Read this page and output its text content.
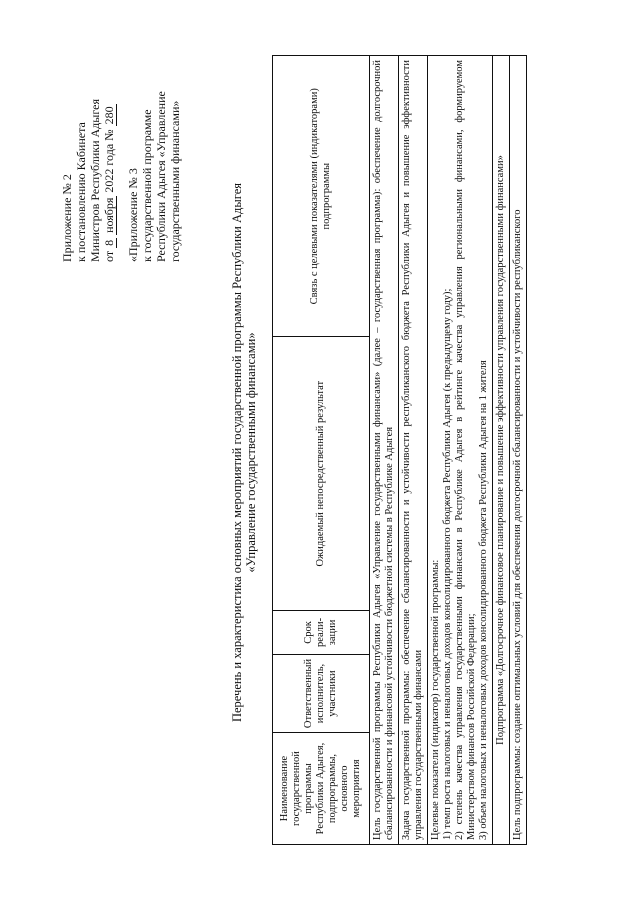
Приложение № 2 к постановлению Кабинета Министров Республики Адыгея от 8 ноября 2022 года № 280
«Приложение № 3 к государственной программе Республики Адыгея «Управление государственными финансами»
Перечень и характеристика основных мероприятий государственной программы Республики Адыгея «Управление государственными финансами»
Наименование государственной программы Республики Адыгея, подпрограммы, основного мероприятия	Ответственный исполнитель, участники	Срок реали-зации	Ожидаемый непосредственный результат	Связь с целевыми показателями (индикаторами) подпрограммы
Цель государственной программы Республики Адыгея «Управление государственными финансами» (далее – государственная программа): обеспечение долгосрочной сбалансированности и финансовой устойчивости бюджетной системы в Республике Адыгея
Задача государственной программы: обеспечение сбалансированности и устойчивости республиканского бюджета Республики Адыгея и повышение эффективности управления государственными финансами

Целевые показатели (индикатор) государственной программы: 1) темп роста налоговых и неналоговых доходов консолидированного бюджета Республики Адыгея (к предыдущему году); 2) степень качества управления государственными финансами в Республике Адыгея в рейтинге качества управления региональными финансами, формируемом Министерством финансов Российской Федерации; 3) объем налоговых и неналоговых доходов консолидированного бюджета Республики Адыгея на 1 жителя

Подпрограмма «Долгосрочное финансовое планирование и повышение эффективности управления государственными финансами»
Цель подпрограммы: создание оптимальных условий для обеспечения долгосрочной сбалансированности и устойчивости республиканского
